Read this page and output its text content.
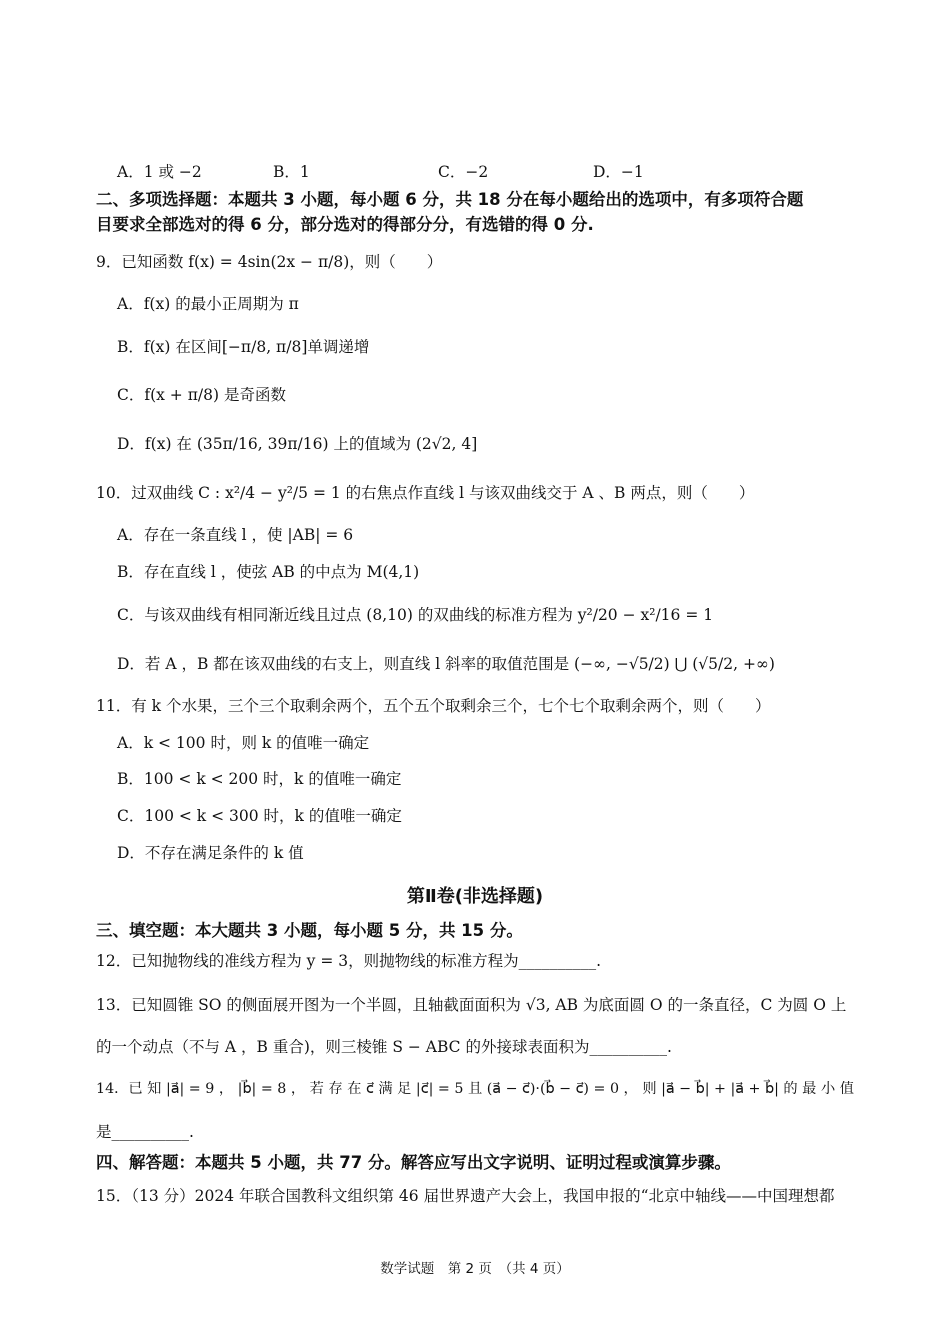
A．1 或 −2	B．1	C．−2	D．−1
二、多项选择题：本题共 3 小题，每小题 6 分，共 18 分在每小题给出的选项中，有多项符合题
目要求全部选对的得 6 分，部分选对的得部分分，有选错的得 0 分.
9．已知函数 f(x) = 4sin(2x − π/8)，则（　　）
A．f(x) 的最小正周期为 π
B．f(x) 在区间[−π/8, π/8]单调递增
C．f(x + π/8) 是奇函数
D．f(x) 在 (35π/16, 39π/16) 上的值域为 (2√2, 4]
10．过双曲线 C : x²/4 − y²/5 = 1 的右焦点作直线 l 与该双曲线交于 A 、B 两点，则（　　）
A．存在一条直线 l ，使 |AB| = 6
B．存在直线 l ，使弦 AB 的中点为 M(4,1)
C．与该双曲线有相同渐近线且过点 (8,10) 的双曲线的标准方程为 y²/20 − x²/16 = 1
D．若 A ，B 都在该双曲线的右支上，则直线 l 斜率的取值范围是 (−∞, −√5/2) ⋃ (√5/2, +∞)
11．有 k 个水果，三个三个取剩余两个，五个五个取剩余三个，七个七个取剩余两个，则（　　）
A．k < 100 时，则 k 的值唯一确定
B．100 < k < 200 时，k 的值唯一确定
C．100 < k < 300 时，k 的值唯一确定
D．不存在满足条件的 k 值
第Ⅱ卷(非选择题)
三、填空题：本大题共 3 小题，每小题 5 分，共 15 分。
12．已知抛物线的准线方程为 y = 3，则抛物线的标准方程为__________.
13．已知圆锥 SO 的侧面展开图为一个半圆，且轴截面面积为 √3, AB 为底面圆 O 的一条直径，C 为圆 O 上
的一个动点（不与 A ，B 重合)，则三棱锥 S − ABC 的外接球表面积为__________.
14．已 知 |a⃗| = 9 ， |b⃗| = 8 ， 若 存 在 c⃗ 满 足 |c⃗| = 5 且 (a⃗ − c⃗)·(b⃗ − c⃗) = 0 ， 则 |a⃗ − b⃗| + |a⃗ + b⃗| 的 最 小 值
是__________.
四、解答题：本题共 5 小题，共 77 分。解答应写出文字说明、证明过程或演算步骤。
15．（13 分）2024 年联合国教科文组织第 46 届世界遗产大会上，我国申报的“北京中轴线——中国理想都
数学试题　第 2 页　（共 4 页）
